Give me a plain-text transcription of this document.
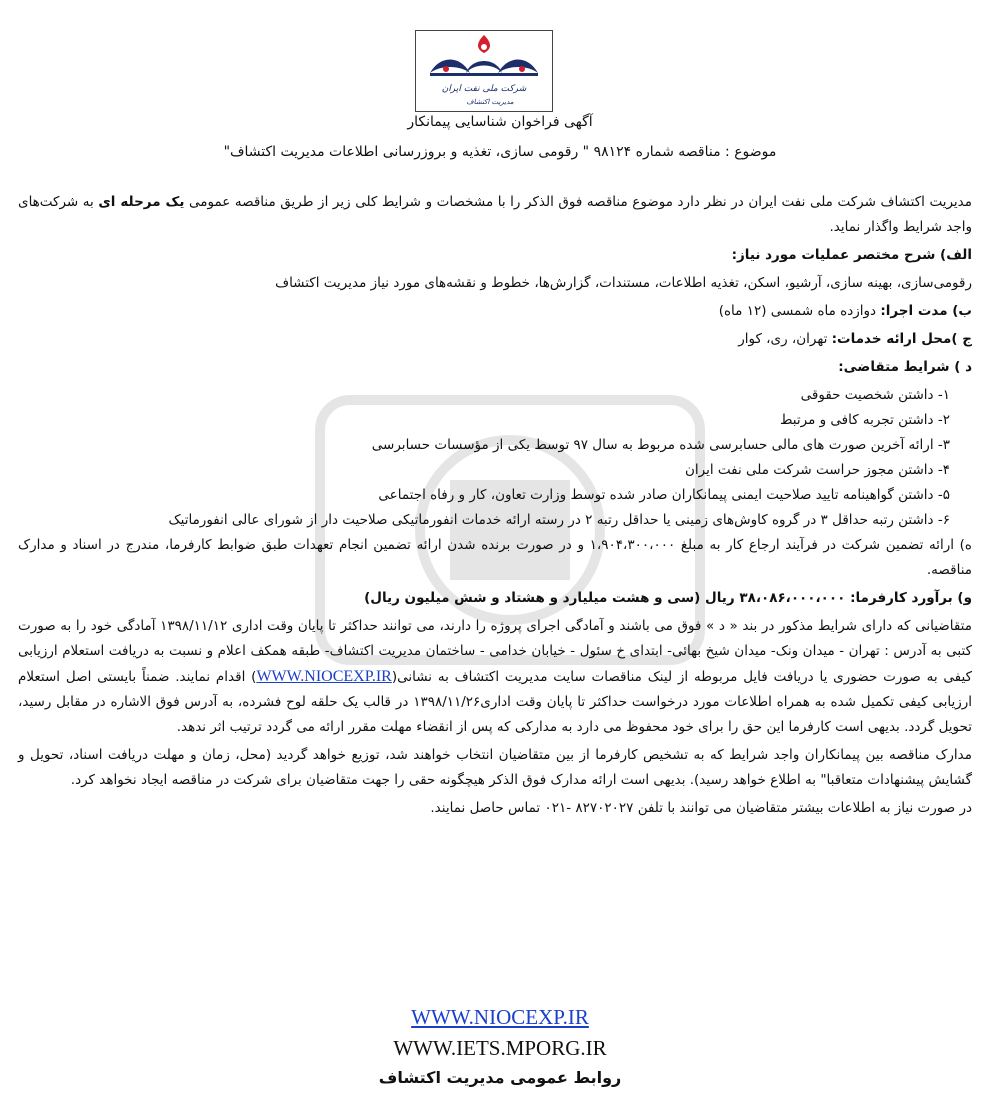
شرکت ملی نفت ایران
مدیریت اکتشاف
آگهی فراخوان شناسایی پیمانکار
موضوع : مناقصه شماره ۹۸۱۲۴ " رقومی سازی، تغذیه و بروزرسانی اطلاعات مدیریت اکتشاف"

مدیریت اکتشاف شرکت ملی نفت ایران در نظر دارد موضوع مناقصه فوق الذکر را با مشخصات و شرایط کلی زیر از طریق مناقصه عمومی یک مرحله ای به شرکت‌های واجد شرایط واگذار نماید.

الف) شرح مختصر عملیات مورد نیاز:

رقومی‌سازی، بهینه سازی، آرشیو، اسکن، تغذیه اطلاعات، مستندات، گزارش‌ها، خطوط و نقشه‌های مورد نیاز مدیریت اکتشاف

ب) مدت اجرا: دوازده ماه شمسی (۱۲ ماه)

ج )محل ارائه خدمات: تهران، ری، کوار

د ) شرایط متقاضی:

۱- داشتن شخصیت حقوقی
۲- داشتن تجربه کافی و مرتبط
۳- ارائه آخرین صورت های مالی حسابرسی شده مربوط به سال ۹۷ توسط یکی از مؤسسات حسابرسی
۴- داشتن مجوز حراست شرکت ملی نفت ایران
۵- داشتن گواهینامه تایید صلاحیت ایمنی پیمانکاران صادر شده توسط وزارت تعاون، کار و رفاه اجتماعی
۶- داشتن رتبه حداقل ۳ در گروه کاوش‌های زمینی یا حداقل رتبه ۲ در رسته ارائه خدمات انفورماتیکی صلاحیت دار از شورای عالی انفورماتیک

ه) ارائه تضمین شرکت در فرآیند ارجاع کار به مبلغ ۱،۹۰۴،۳۰۰،۰۰۰ و در صورت برنده شدن ارائه تضمین انجام تعهدات طبق ضوابط کارفرما، مندرج در اسناد و مدارک مناقصه.

و) برآورد کارفرما: ۳۸،۰۸۶،۰۰۰،۰۰۰ ریال (سی و هشت میلیارد و هشتاد و شش میلیون ریال)

متقاضیانی که دارای شرایط مذکور در بند « د » فوق می باشند و آمادگی اجرای پروژه را دارند، می توانند حداکثر تا پایان وقت اداری ۱۳۹۸/۱۱/۱۲ آمادگی خود را به صورت کتبی به آدرس : تهران - میدان ونک- میدان شیخ بهائی- ابتدای خ سئول - خیابان خدامی - ساختمان مدیریت اکتشاف- طبقه همکف اعلام و نسبت به دریافت استعلام ارزیابی کیفی به صورت حضوری یا دریافت فایل مربوطه از لینک مناقصات سایت مدیریت اکتشاف به نشانی(WWW.NIOCEXP.IR) اقدام نمایند. ضمناً بایستی اصل استعلام ارزیابی کیفی تکمیل شده به همراه اطلاعات مورد درخواست حداکثر تا پایان وقت اداری۱۳۹۸/۱۱/۲۶ در قالب یک حلقه لوح فشرده، به آدرس فوق الاشاره در مقابل رسید، تحویل گردد. بدیهی است کارفرما این حق را برای خود محفوظ می دارد به مدارکی که پس از انقضاء مهلت مقرر ارائه می گردد ترتیب اثر ندهد.

مدارک مناقصه بین پیمانکاران واجد شرایط که به تشخیص کارفرما از بین متقاضیان انتخاب خواهند شد، توزیع خواهد گردید (محل، زمان و مهلت دریافت اسناد، تحویل و گشایش پیشنهادات متعاقبا" به اطلاع خواهد رسید). بدیهی است ارائه مدارک فوق الذکر هیچگونه حقی را جهت متقاضیان برای شرکت در مناقصه ایجاد نخواهد کرد.

در صورت نیاز به اطلاعات بیشتر متقاضیان می توانند با تلفن ۸۲۷۰۲۰۲۷ -۰۲۱ تماس حاصل نمایند.

WWW.NIOCEXP.IR
WWW.IETS.MPORG.IR
روابط عمومی مدیریت اکتشاف
